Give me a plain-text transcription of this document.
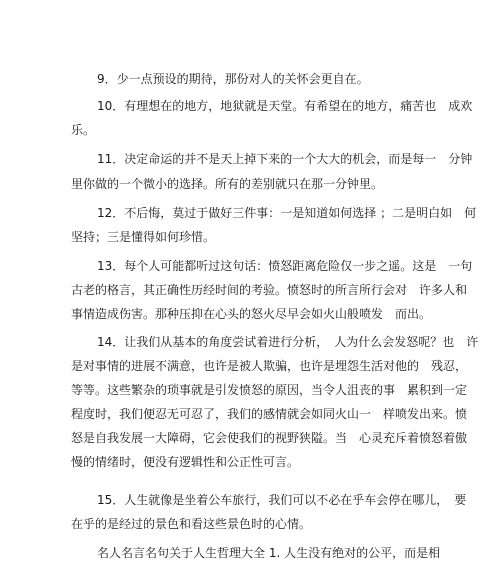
9．少一点预设的期待，那份对人的关怀会更自在。
10．有理想在的地方，地狱就是天堂。有希望在的地方，痛苦也　成欢
乐。
11．决定命运的并不是天上掉下来的一个大大的机会，而是每一　分钟
里你做的一个微小的选择。所有的差别就只在那一分钟里。
12．不后悔，莫过于做好三件事：一是知道如何选择 ；二是明白如　何
坚持；三是懂得如何珍惜。
13．每个人可能都听过这句话：愤怒距离危险仅一步之遥。这是　一句
古老的格言，其正确性历经时间的考验。愤怒时的所言所行会对　许多人和
事情造成伤害。那种压抑在心头的怒火尽早会如火山般喷发　而出。
14．让我们从基本的角度尝试着进行分析，　人为什么会发怒呢？也　许
是对事情的进展不满意，也许是被人欺骗，也许是埋怨生活对他的　残忍，
等等。这些繁杂的琐事就是引发愤怒的原因，当令人沮丧的事　累积到一定
程度时，我们便忍无可忍了，我们的感情就会如同火山一　样喷发出来。愤
怒是自我发展一大障碍，它会使我们的视野狭隘。当　心灵充斥着愤怒着傲
慢的情绪时，便没有逻辑性和公正性可言。
15．人生就像是坐着公车旅行，我们可以不必在乎车会停在哪儿，　要
在乎的是经过的景色和看这些景色时的心情。
名人名言名句关于人生哲理大全 1. 人生没有绝对的公平，而是相
